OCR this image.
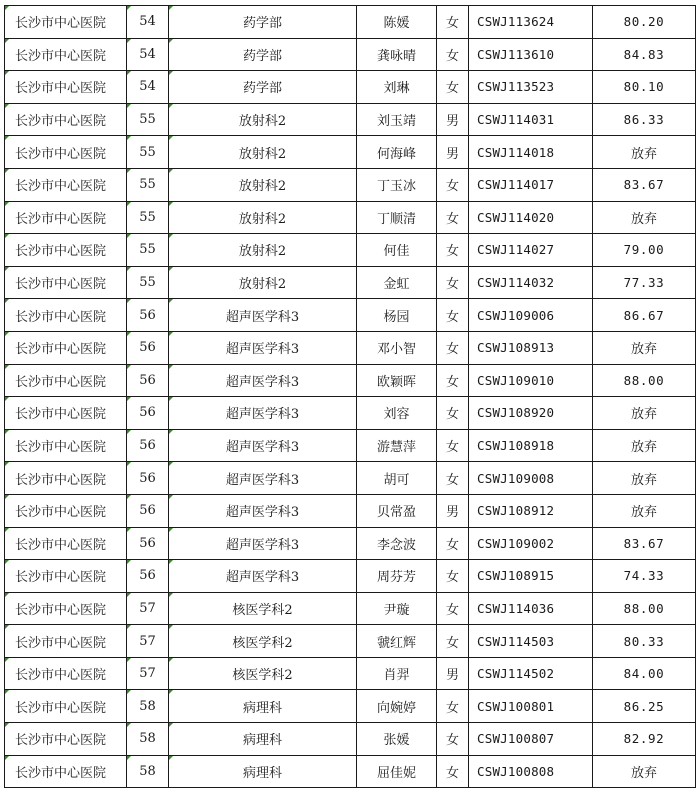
长沙市中心医院	54	药学部	陈媛	女	CSWJ113624	80.20

长沙市中心医院	54	药学部	龚咏晴	女	CSWJ113610	84.83

长沙市中心医院	54	药学部	刘琳	女	CSWJ113523	80.10

长沙市中心医院	55	放射科2	刘玉靖	男	CSWJ114031	86.33

长沙市中心医院	55	放射科2	何海峰	男	CSWJ114018	放弃

长沙市中心医院	55	放射科2	丁玉冰	女	CSWJ114017	83.67

长沙市中心医院	55	放射科2	丁顺清	女	CSWJ114020	放弃

长沙市中心医院	55	放射科2	何佳	女	CSWJ114027	79.00

长沙市中心医院	55	放射科2	金虹	女	CSWJ114032	77.33

长沙市中心医院	56	超声医学科3	杨园	女	CSWJ109006	86.67

长沙市中心医院	56	超声医学科3	邓小智	女	CSWJ108913	放弃

长沙市中心医院	56	超声医学科3	欧颖晖	女	CSWJ109010	88.00

长沙市中心医院	56	超声医学科3	刘容	女	CSWJ108920	放弃

长沙市中心医院	56	超声医学科3	游慧萍	女	CSWJ108918	放弃

长沙市中心医院	56	超声医学科3	胡可	女	CSWJ109008	放弃

长沙市中心医院	56	超声医学科3	贝常盈	男	CSWJ108912	放弃

长沙市中心医院	56	超声医学科3	李念波	女	CSWJ109002	83.67

长沙市中心医院	56	超声医学科3	周芬芳	女	CSWJ108915	74.33

长沙市中心医院	57	核医学科2	尹璇	女	CSWJ114036	88.00

长沙市中心医院	57	核医学科2	虢红辉	女	CSWJ114503	80.33

长沙市中心医院	57	核医学科2	肖羿	男	CSWJ114502	84.00

长沙市中心医院	58	病理科	向婉婷	女	CSWJ100801	86.25

长沙市中心医院	58	病理科	张媛	女	CSWJ100807	82.92

长沙市中心医院	58	病理科	屈佳妮	女	CSWJ100808	放弃
